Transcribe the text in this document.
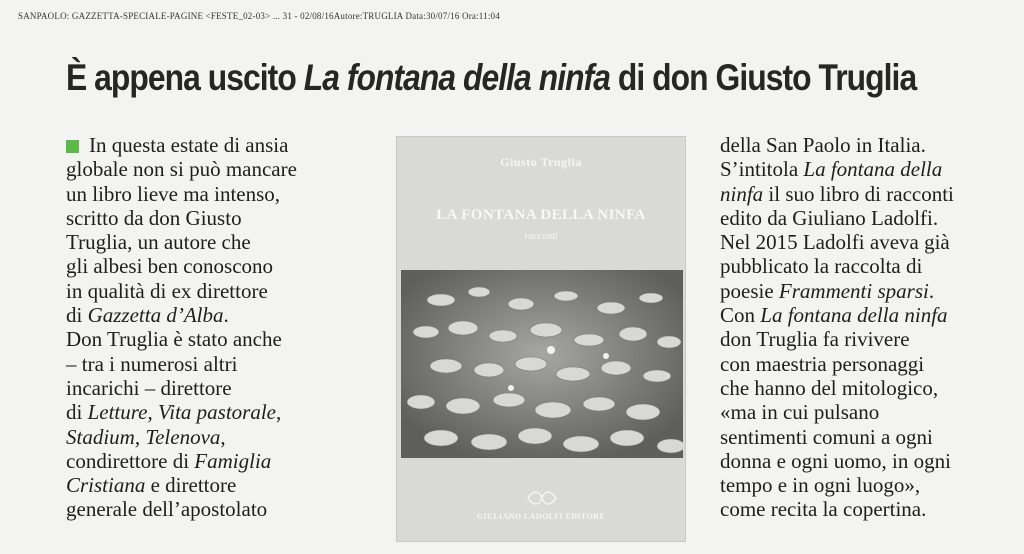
SANPAOLO: GAZZETTA-SPECIALE-PAGINE <FESTE_02-03> ... 31 - 02/08/16Autore:TRUGLIA Data:30/07/16 Ora:11:04
È appena uscito La fontana della ninfa di don Giusto Truglia
In questa estate di ansia
globale non si può mancare
un libro lieve ma intenso,
scritto da don Giusto
Truglia, un autore che
gli albesi ben conoscono
in qualità di ex direttore
di Gazzetta d’Alba.
Don Truglia è stato anche
– tra i numerosi altri
incarichi – direttore
di Letture, Vita pastorale,
Stadium, Telenova,
condirettore di Famiglia
Cristiana e direttore
generale dell’apostolato
Giusto Truglia
LA FONTANA DELLA NINFA
racconti
GIULIANO LADOLFI EDITORE
della San Paolo in Italia.
S’intitola La fontana della
ninfa il suo libro di racconti
edito da Giuliano Ladolfi.
Nel 2015 Ladolfi aveva già
pubblicato la raccolta di
poesie Frammenti sparsi.
Con La fontana della ninfa
don Truglia fa rivivere
con maestria personaggi
che hanno del mitologico,
«ma in cui pulsano
sentimenti comuni a ogni
donna e ogni uomo, in ogni
tempo e in ogni luogo»,
come recita la copertina.
